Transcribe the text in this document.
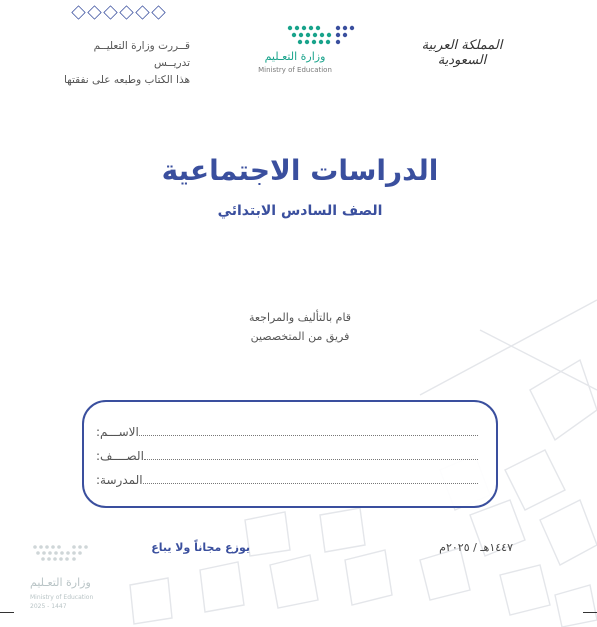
قــررت وزارة التعليــم تدريــس
هذا الكتاب وطبعه على نفقتها
وزارة التعـليم
Ministry of Education
المملكة العربية السعودية
الدراسات الاجتماعية
الصف السادس الابتدائي
قام بالتأليف والمراجعة
فريق من المتخصصين
الاســـم:
الصــــف:
المدرسة:
يوزع مجاناً ولا يباع	١٤٤٧هـ / ٢٠٢٥م
وزارة التعـليم
Ministry of Education
2025 - 1447
